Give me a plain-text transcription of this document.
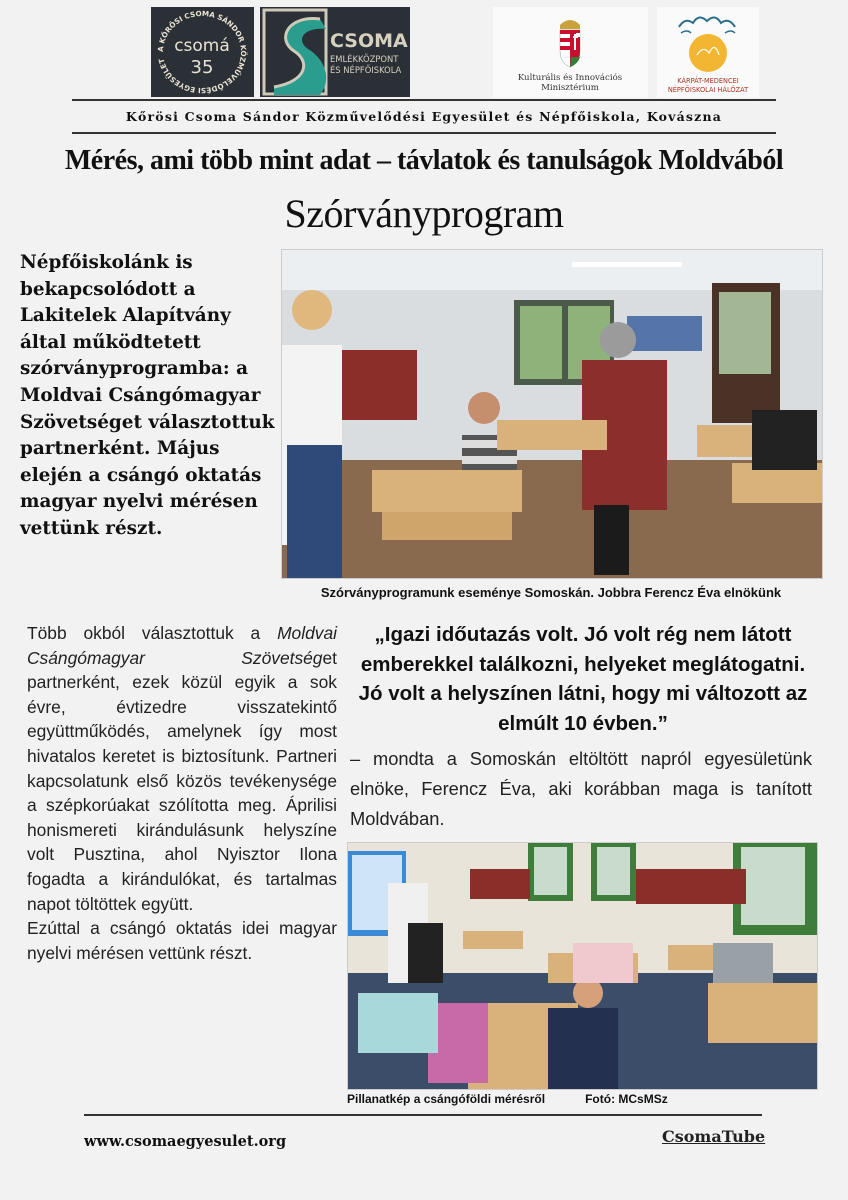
A KŐRÖSI CSOMA SÁNDOR KÖZMŰVELŐDÉSI EGYESÜLET
csomá
35
CSOMA
EMLÉKKÖZPONT
ÉS NÉPFŐISKOLA
Kulturális és Innovációs
Minisztérium
KÁRPÁT-MEDENCEI
NÉPFŐISKOLAI HÁLÓZAT
Kőrösi Csoma Sándor Közművelődési Egyesület és Népfőiskola, Kovászna
Mérés, ami több mint adat – távlatok és tanulságok Moldvából
Szórványprogram
Népfőiskolánk is bekapcsolódott a Lakitelek Alapítvány által működtetett szórványprogramba: a Moldvai Csángómagyar Szövetséget választottuk partnerként. Május elején a csángó oktatás magyar nyelvi mérésen vettünk részt.
Szórványprogramunk eseménye Somoskán. Jobbra Ferencz Éva elnökünk

Több okból választottuk a Moldvai Csángómagyar Szövetséget partnerként, ezek közül egyik a sok évre, évtizedre visszatekintő együttműködés, amelynek így most hivatalos keretet is biztosítunk. Partneri kapcsolatunk első közös tevékenysége a szépkorúakat szólította meg. Áprilisi honismereti kirándulásunk helyszíne volt Pusztina, ahol Nyisztor Ilona fogadta a kirándulókat, és tartalmas napot töltöttek együtt.

Ezúttal a csángó oktatás idei magyar nyelvi mérésen vettünk részt.

„Igazi időutazás volt. Jó volt rég nem látott emberekkel találkozni, helyeket meglátogatni. Jó volt a helyszínen látni, hogy mi változott az elmúlt 10 évben.”
– mondta a Somoskán eltöltött napról egyesületünk elnöke, Ferencz Éva, aki korábban maga is tanított Moldvában.
Pillanatkép a csángóföldi mérésről	Fotó: MCsMSz
www.csomaegyesulet.org	CsomaTube
